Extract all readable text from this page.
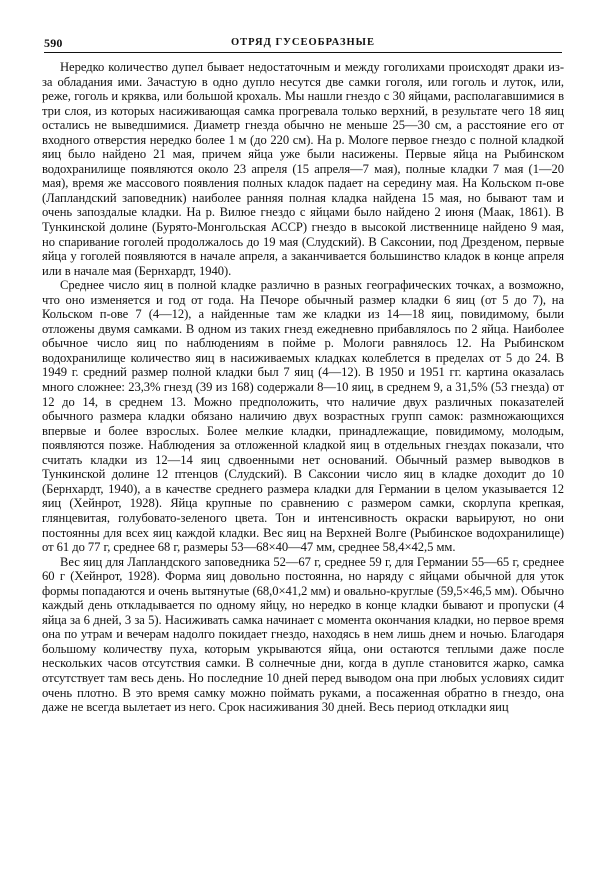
590	ОТРЯД ГУСЕОБРАЗНЫЕ

Нередко количество дупел бывает недостаточным и между гоголихами происходят драки из-за обладания ими. Зачастую в одно дупло несутся две самки гоголя, или гоголь и луток, или, реже, гоголь и кряква, или большой крохаль. Мы нашли гнездо с 30 яйцами, располагавшимися в три слоя, из которых насиживающая самка прогревала только верхний, в результате чего 18 яиц остались не выведшимися. Диаметр гнезда обычно не меньше 25—30 см, а расстояние его от входного отверстия нередко более 1 м (до 220 см). На р. Мологе первое гнездо с полной кладкой яиц было найдено 21 мая, причем яйца уже были насижены. Первые яйца на Рыбинском водохранилище появляются около 23 апреля (15 апреля—7 мая), полные кладки 7 мая (1—20 мая), время же массового появления полных кладок падает на середину мая. На Кольском п-ове (Лапландский заповедник) наиболее ранняя полная кладка найдена 15 мая, но бывают там и очень запоздалые кладки. На р. Вилюе гнездо с яйцами было найдено 2 июня (Маак, 1861). В Тункинской долине (Бурято-Монгольская АССР) гнездо в высокой лиственнице найдено 9 мая, но спаривание гоголей продолжалось до 19 мая (Слудский). В Саксонии, под Дрезденом, первые яйца у гоголей появляются в начале апреля, а заканчивается большинство кладок в конце апреля или в начале мая (Бернхардт, 1940).

Среднее число яиц в полной кладке различно в разных географических точках, а возможно, что оно изменяется и год от года. На Печоре обычный размер кладки 6 яиц (от 5 до 7), на Кольском п-ове 7 (4—12), а найденные там же кладки из 14—18 яиц, повидимому, были отложены двумя самками. В одном из таких гнезд ежедневно прибавлялось по 2 яйца. Наиболее обычное число яиц по наблюдениям в пойме р. Мологи равнялось 12. На Рыбинском водохранилище количество яиц в насиживаемых кладках колеблется в пределах от 5 до 24. В 1949 г. средний размер полной кладки был 7 яиц (4—12). В 1950 и 1951 гг. картина оказалась много сложнее: 23,3% гнезд (39 из 168) содержали 8—10 яиц, в среднем 9, а 31,5% (53 гнезда) от 12 до 14, в среднем 13. Можно предположить, что наличие двух различных показателей обычного размера кладки обязано наличию двух возрастных групп самок: размножающихся впервые и более взрослых. Более мелкие кладки, принадлежащие, повидимому, молодым, появляются позже. Наблюдения за отложенной кладкой яиц в отдельных гнездах показали, что считать кладки из 12—14 яиц сдвоенными нет оснований. Обычный размер выводков в Тункинской долине 12 птенцов (Слудский). В Саксонии число яиц в кладке доходит до 10 (Бернхардт, 1940), а в качестве среднего размера кладки для Германии в целом указывается 12 яиц (Хейнрот, 1928). Яйца крупные по сравнению с размером самки, скорлупа крепкая, глянцевитая, голубовато-зеленого цвета. Тон и интенсивность окраски варьируют, но они постоянны для всех яиц каждой кладки. Вес яиц на Верхней Волге (Рыбинское водохранилище) от 61 до 77 г, среднее 68 г, размеры 53—68×40—47 мм, среднее 58,4×42,5 мм.

Вес яиц для Лапландского заповедника 52—67 г, среднее 59 г, для Германии 55—65 г, среднее 60 г (Хейнрот, 1928). Форма яиц довольно постоянна, но наряду с яйцами обычной для уток формы попадаются и очень вытянутые (68,0×41,2 мм) и овально-круглые (59,5×46,5 мм). Обычно каждый день откладывается по одному яйцу, но нередко в конце кладки бывают и пропуски (4 яйца за 6 дней, 3 за 5). Насиживать самка начинает с момента окончания кладки, но первое время она по утрам и вечерам надолго покидает гнездо, находясь в нем лишь днем и ночью. Благодаря большому количеству пуха, которым укрываются яйца, они остаются теплыми даже после нескольких часов отсутствия самки. В солнечные дни, когда в дупле становится жарко, самка отсутствует там весь день. Но последние 10 дней перед выводом она при любых условиях сидит очень плотно. В это время самку можно поймать руками, а посаженная обратно в гнездо, она даже не всегда вылетает из него. Срок насиживания 30 дней. Весь период откладки яиц
